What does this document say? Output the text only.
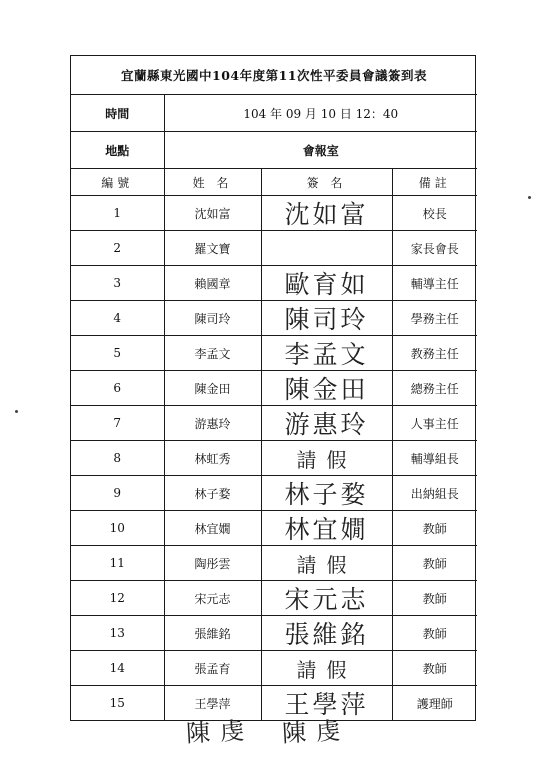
宜蘭縣東光國中104年度第11次性平委員會議簽到表			
時間	104 年 09 月 10 日 12：40		
地點	會報室		
編號	姓 名	簽 名	備註
1	沈如富	沈如富	校長
2	羅文寶		家長會長
3	賴國章	歐育如	輔導主任
4	陳司玲	陳司玲	學務主任
5	李孟文	李孟文	教務主任
6	陳金田	陳金田	總務主任
7	游惠玲	游惠玲	人事主任
8	林虹秀	請假	輔導組長
9	林子婺	林子婺	出納組長
10	林宜嫺	林宜嫺	教師
11	陶彤雲	請假	教師
12	宋元志	宋元志	教師
13	張維銘	張維銘	教師
14	張孟育	請假	教師
15	王學萍	王學萍	護理師
陳虔 陳虔
